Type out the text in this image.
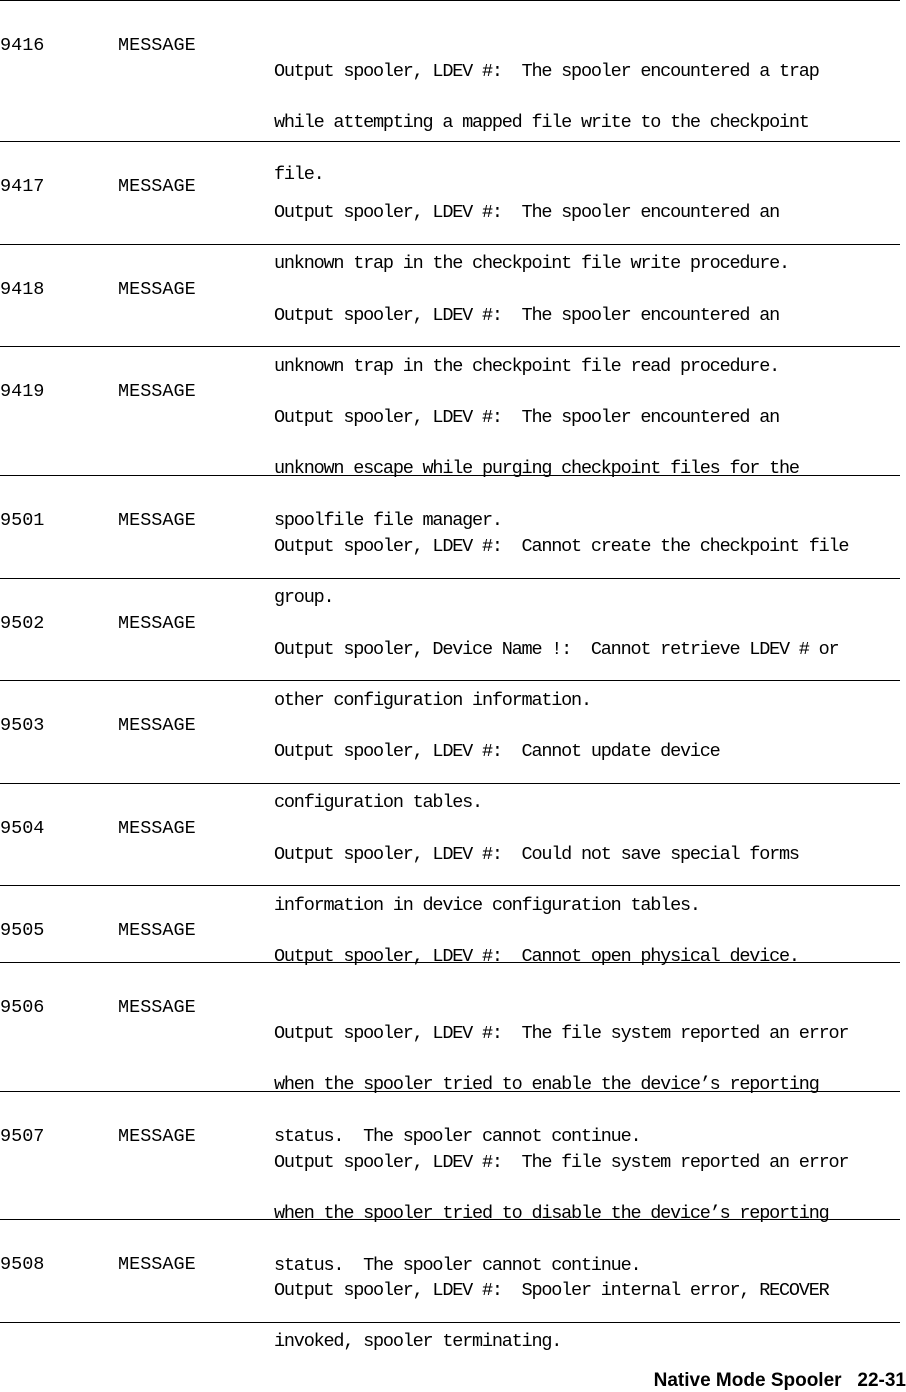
9416	MESSAGE

Output spooler, LDEV #:  The spooler encountered a trap

while attempting a mapped file write to the checkpoint

file.

9417	MESSAGE

Output spooler, LDEV #:  The spooler encountered an

unknown trap in the checkpoint file write procedure.

9418	MESSAGE

Output spooler, LDEV #:  The spooler encountered an

unknown trap in the checkpoint file read procedure.

9419	MESSAGE

Output spooler, LDEV #:  The spooler encountered an

unknown escape while purging checkpoint files for the

spoolfile file manager.

9501	MESSAGE

Output spooler, LDEV #:  Cannot create the checkpoint file

group.

9502	MESSAGE

Output spooler, Device Name !:  Cannot retrieve LDEV # or

other configuration information.

9503	MESSAGE

Output spooler, LDEV #:  Cannot update device

configuration tables.

9504	MESSAGE

Output spooler, LDEV #:  Could not save special forms

information in device configuration tables.

9505	MESSAGE

Output spooler, LDEV #:  Cannot open physical device.

9506	MESSAGE

Output spooler, LDEV #:  The file system reported an error

when the spooler tried to enable the device’s reporting

status.  The spooler cannot continue.

9507	MESSAGE

Output spooler, LDEV #:  The file system reported an error

when the spooler tried to disable the device’s reporting

status.  The spooler cannot continue.

9508	MESSAGE

Output spooler, LDEV #:  Spooler internal error, RECOVER

invoked, spooler terminating.

Native Mode Spooler 22-31
